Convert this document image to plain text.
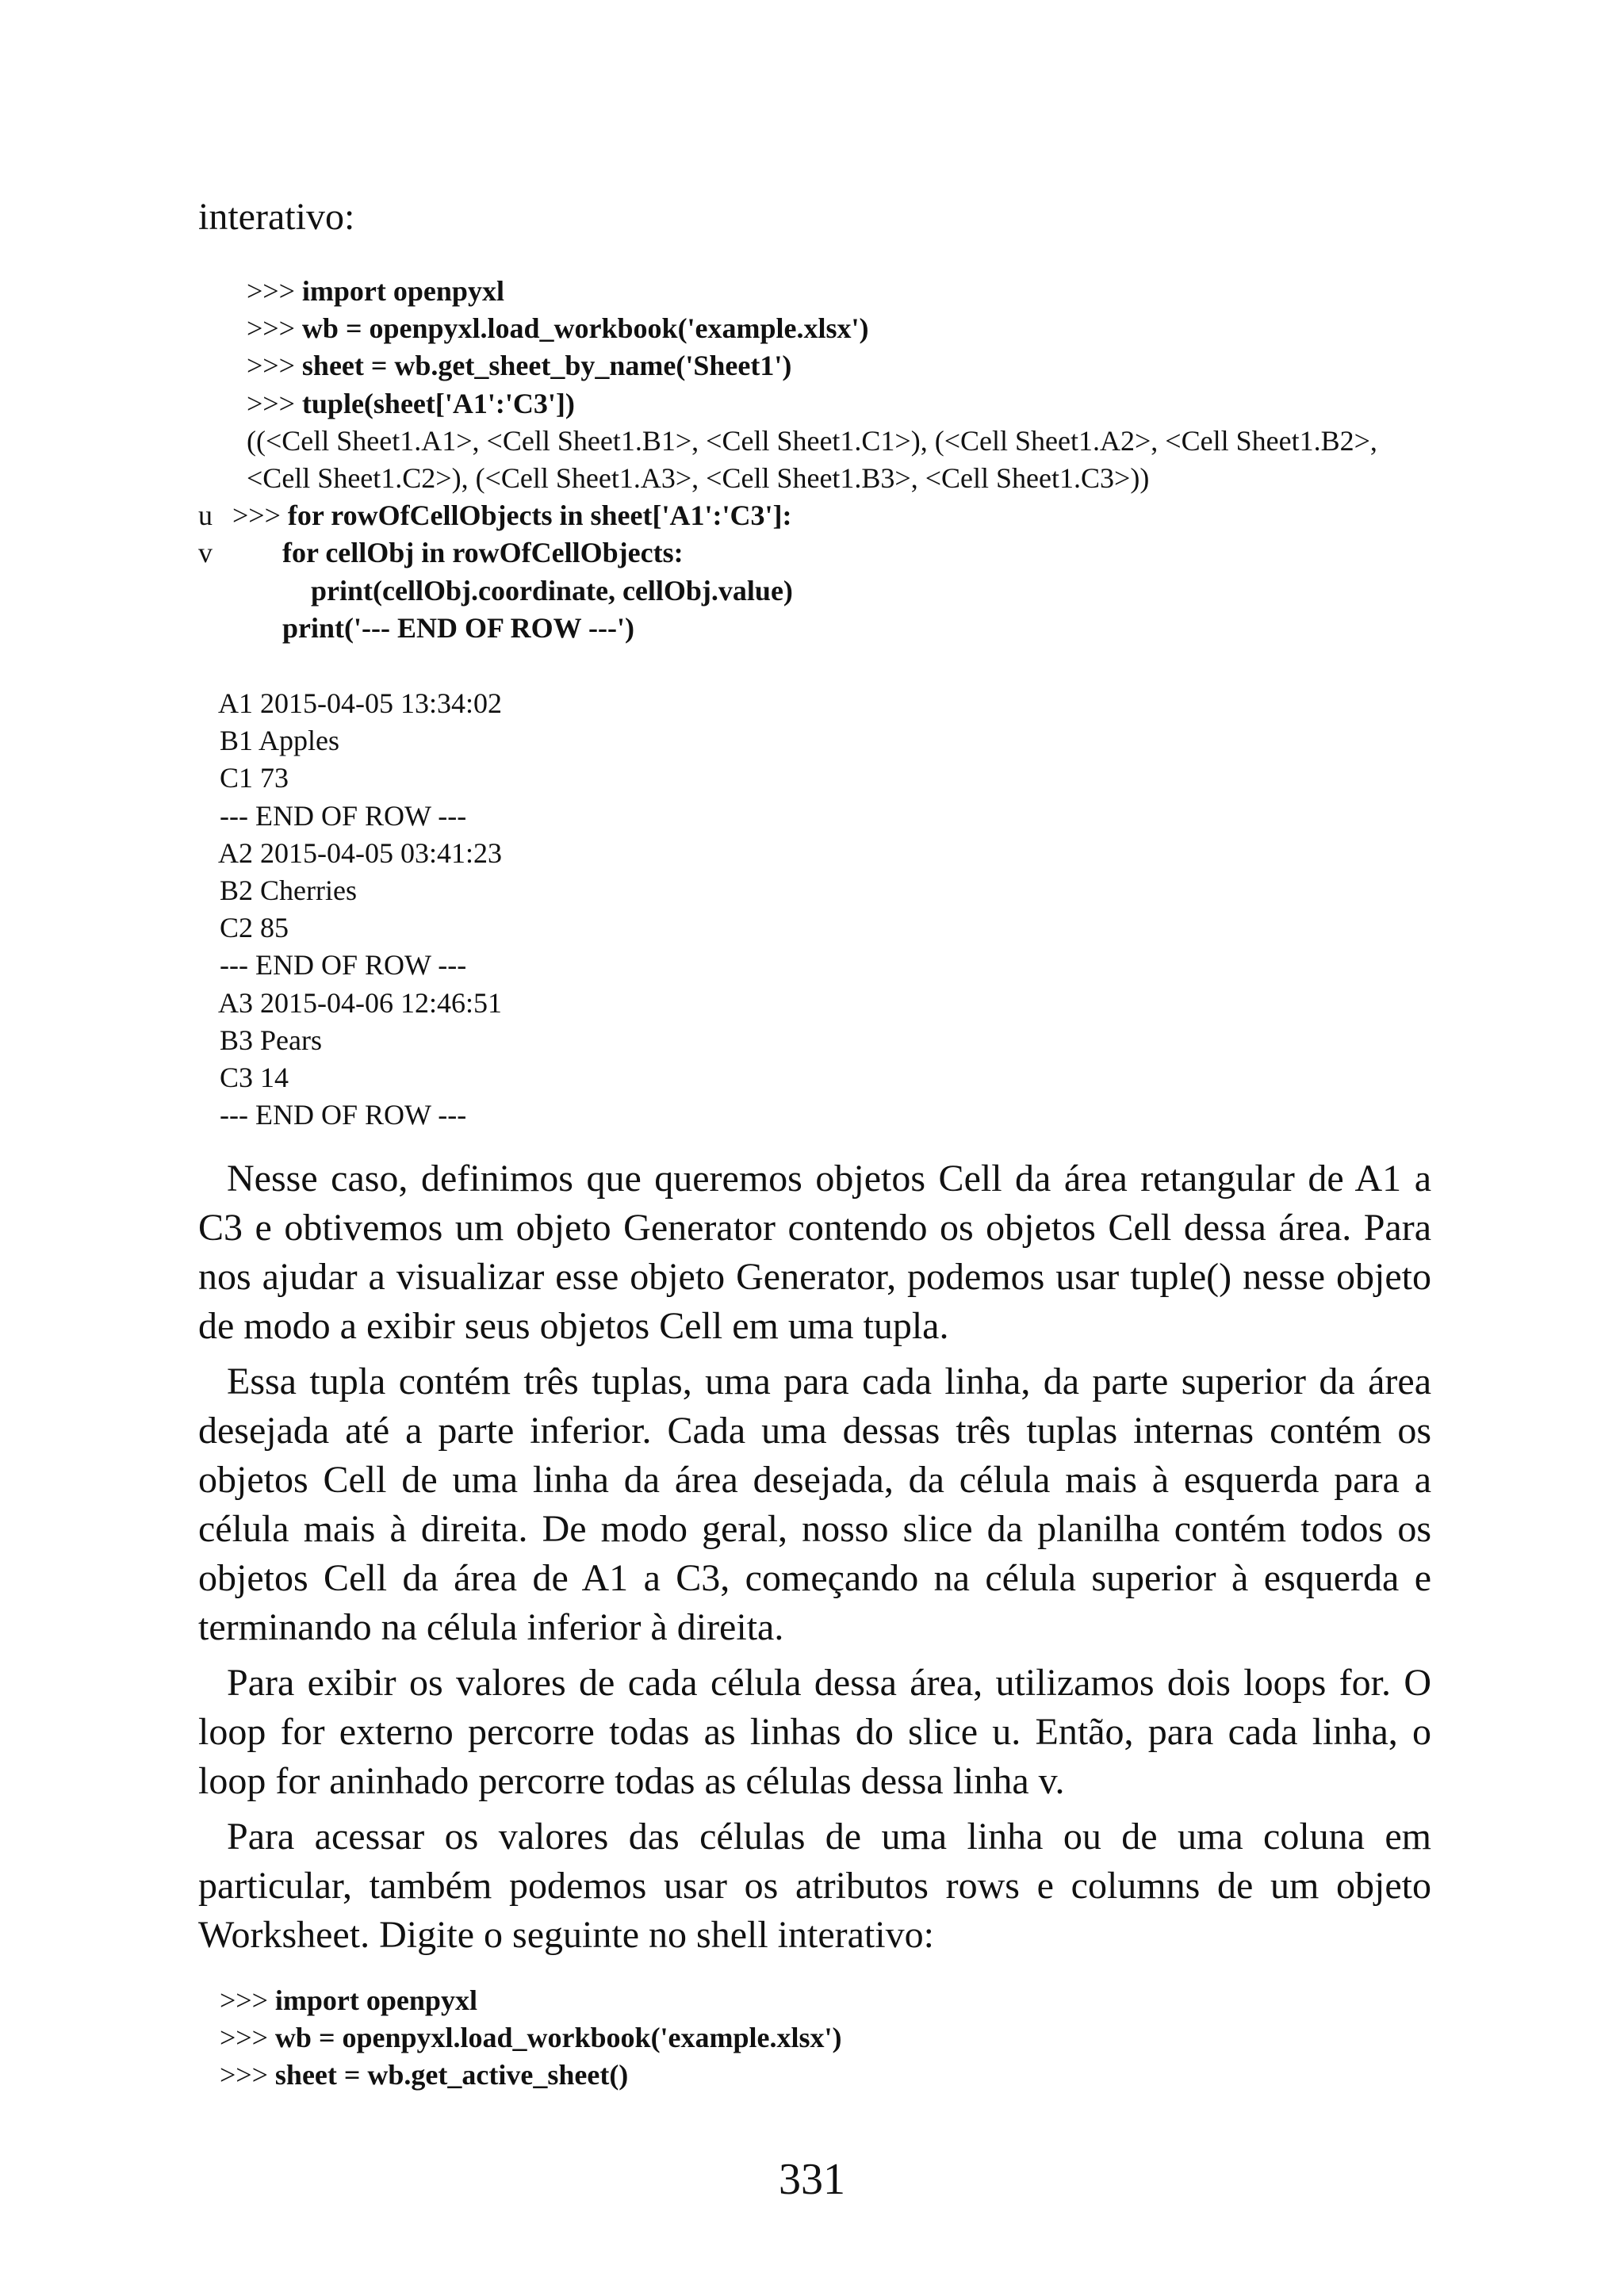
interativo:

>>> import openpyxl
>>> wb = openpyxl.load_workbook('example.xlsx')
>>> sheet = wb.get_sheet_by_name('Sheet1')
>>> tuple(sheet['A1':'C3'])
((<Cell Sheet1.A1>, <Cell Sheet1.B1>, <Cell Sheet1.C1>), (<Cell Sheet1.A2>, <Cell Sheet1.B2>,
<Cell Sheet1.C2>), (<Cell Sheet1.A3>, <Cell Sheet1.B3>, <Cell Sheet1.C3>))
u >>> for rowOfCellObjects in sheet['A1':'C3']:
v for cellObj in rowOfCellObjects:
print(cellObj.coordinate, cellObj.value)
print('--- END OF ROW ---')
A1 2015-04-05 13:34:02
B1 Apples
C1 73
--- END OF ROW ---
A2 2015-04-05 03:41:23
B2 Cherries
C2 85
--- END OF ROW ---
A3 2015-04-06 12:46:51
B3 Pears
C3 14
--- END OF ROW ---

Nesse caso, definimos que queremos objetos Cell da área retangular de A1 a C3 e obtivemos um objeto Generator contendo os objetos Cell dessa área. Para nos ajudar a visualizar esse objeto Generator, podemos usar tuple() nesse objeto de modo a exibir seus objetos Cell em uma tupla.

Essa tupla contém três tuplas, uma para cada linha, da parte superior da área desejada até a parte inferior. Cada uma dessas três tuplas internas contém os objetos Cell de uma linha da área desejada, da célula mais à esquerda para a célula mais à direita. De modo geral, nosso slice da planilha contém todos os objetos Cell da área de A1 a C3, começando na célula superior à esquerda e terminando na célula inferior à direita.

Para exibir os valores de cada célula dessa área, utilizamos dois loops for. O loop for externo percorre todas as linhas do slice u. Então, para cada linha, o loop for aninhado percorre todas as células dessa linha v.

Para acessar os valores das células de uma linha ou de uma coluna em particular, também podemos usar os atributos rows e columns de um objeto Worksheet. Digite o seguinte no shell interativo:

>>> import openpyxl
>>> wb = openpyxl.load_workbook('example.xlsx')
>>> sheet = wb.get_active_sheet()
331
